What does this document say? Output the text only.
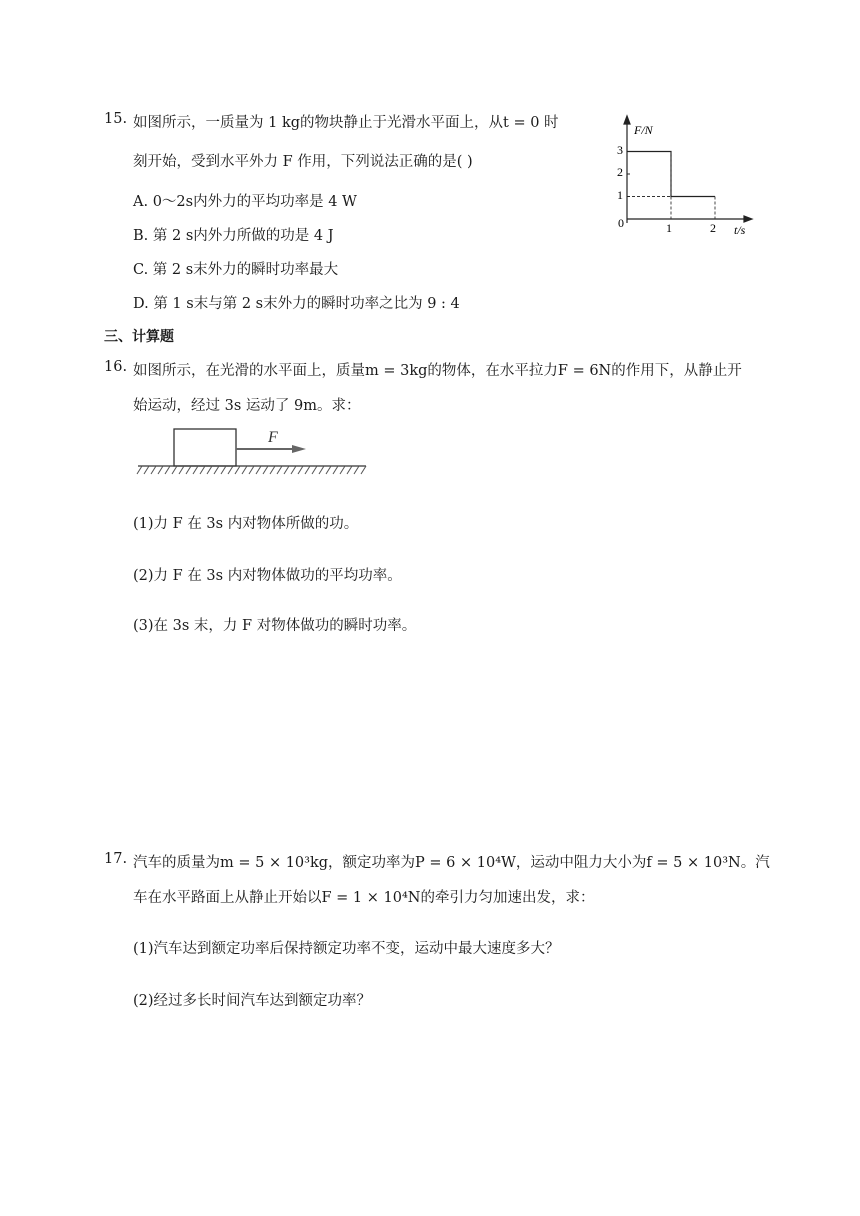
15. 如图所示，一质量为 1 kg的物块静止于光滑水平面上，从t = 0 时
刻开始，受到水平外力 F 作用，下列说法正确的是( )
A. 0～2s内外力的平均功率是 4 W
B. 第 2 s内外力所做的功是 4 J
C. 第 2 s末外力的瞬时功率最大
D. 第 1 s末与第 2 s末外力的瞬时功率之比为 9 : 4
F/N
t/s
0
3
2
1
1	2
三、计算题
16. 如图所示，在光滑的水平面上，质量m = 3kg的物体，在水平拉力F = 6N的作用下，从静止开
始运动，经过 3s 运动了 9m。求：
F
(1)力 F 在 3s 内对物体所做的功。
(2)力 F 在 3s 内对物体做功的平均功率。
(3)在 3s 末，力 F 对物体做功的瞬时功率。
17. 汽车的质量为m = 5 × 10³kg，额定功率为P = 6 × 10⁴W，运动中阻力大小为f = 5 × 10³N。汽
车在水平路面上从静止开始以F = 1 × 10⁴N的牵引力匀加速出发，求：
(1)汽车达到额定功率后保持额定功率不变，运动中最大速度多大？
(2)经过多长时间汽车达到额定功率？
